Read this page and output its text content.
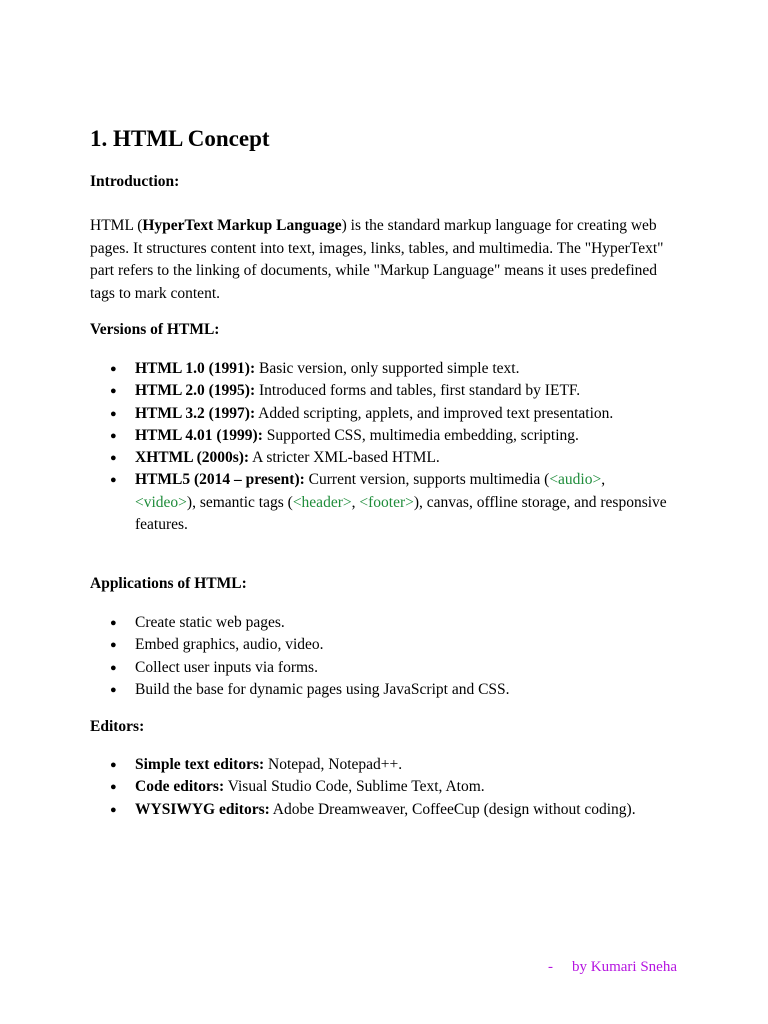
1. HTML Concept

Introduction:

HTML (HyperText Markup Language) is the standard markup language for creating web pages. It structures content into text, images, links, tables, and multimedia. The "HyperText" part refers to the linking of documents, while "Markup Language" means it uses predefined tags to mark content.

Versions of HTML:

● HTML 1.0 (1991): Basic version, only supported simple text.
● HTML 2.0 (1995): Introduced forms and tables, first standard by IETF.
● HTML 3.2 (1997): Added scripting, applets, and improved text presentation.
● HTML 4.01 (1999): Supported CSS, multimedia embedding, scripting.
● XHTML (2000s): A stricter XML-based HTML.
● HTML5 (2014 – present): Current version, supports multimedia (<audio>,
<video>), semantic tags (<header>, <footer>), canvas, offline storage, and responsive features.

Applications of HTML:

● Create static web pages.
● Embed graphics, audio, video.
● Collect user inputs via forms.
● Build the base for dynamic pages using JavaScript and CSS.

Editors:

● Simple text editors: Notepad, Notepad++.
● Code editors: Visual Studio Code, Sublime Text, Atom.
● WYSIWYG editors: Adobe Dreamweaver, CoffeeCup (design without coding).
- by Kumari Sneha
